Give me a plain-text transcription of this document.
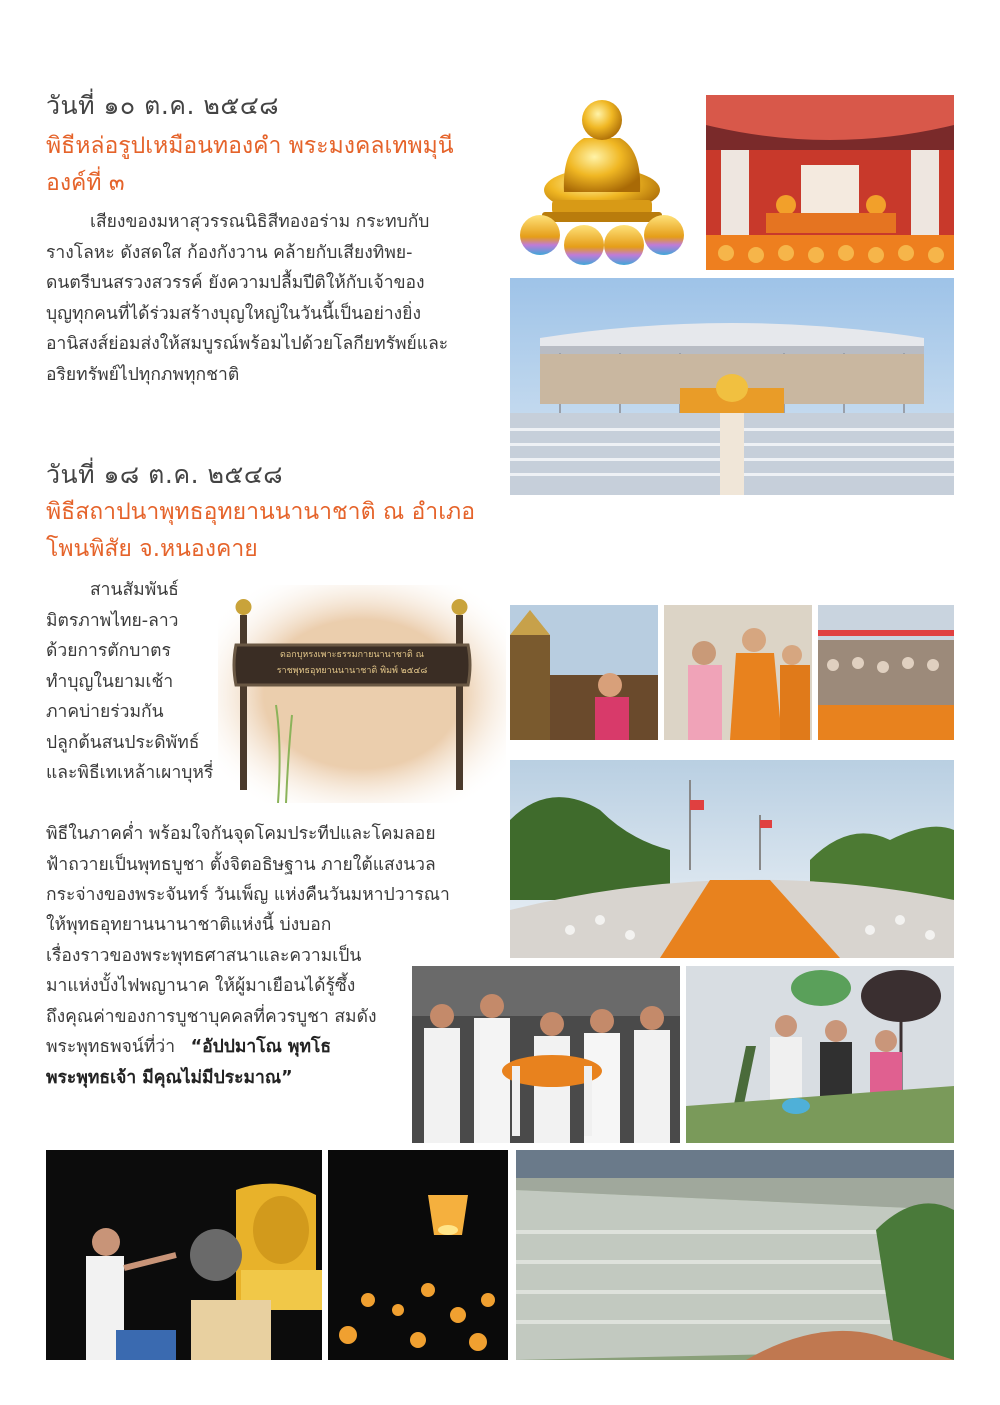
วันที่ ๑๐ ต.ค. ๒๕๔๘
พิธีหล่อรูปเหมือนทองคำ พระมงคลเทพมุนี
องค์ที่ ๓

เสียงของมหาสุวรรณนิธิสีทองอร่าม กระทบกับ

รางโลหะ ดังสดใส ก้องกังวาน คล้ายกับเสียงทิพย-

ดนตรีบนสรวงสวรรค์ ยังความปลื้มปีติให้กับเจ้าของ

บุญทุกคนที่ได้ร่วมสร้างบุญใหญ่ในวันนี้เป็นอย่างยิ่ง

อานิสงส์ย่อมส่งให้สมบูรณ์พร้อมไปด้วยโลกียทรัพย์และ

อริยทรัพย์ไปทุกภพทุกชาติ

วันที่ ๑๘ ต.ค. ๒๕๔๘
พิธีสถาปนาพุทธอุทยานนานาชาติ ณ อำเภอ
โพนพิสัย จ.หนองคาย

สานสัมพันธ์

มิตรภาพไทย-ลาว

ด้วยการตักบาตร

ทำบุญในยามเช้า

ภาคบ่ายร่วมกัน

ปลูกต้นสนประดิพัทธ์

และพิธีเทเหล้าเผาบุหรี่

พิธีในภาคค่ำ พร้อมใจกันจุดโคมประทีปและโคมลอย

ฟ้าถวายเป็นพุทธบูชา ตั้งจิตอธิษฐาน ภายใต้แสงนวล

กระจ่างของพระจันทร์ วันเพ็ญ แห่งคืนวันมหาปวารณา

ให้พุทธอุทยานนานาชาติแห่งนี้ บ่งบอก

เรื่องราวของพระพุทธศาสนาและความเป็น

มาแห่งบั้งไฟพญานาค ให้ผู้มาเยือนได้รู้ซึ้ง

ถึงคุณค่าของการบูชาบุคคลที่ควรบูชา สมดัง

พระพุทธพจน์ที่ว่า “อัปปมาโณ พุทโธ

พระพุทธเจ้า มีคุณไม่มีประมาณ”

ดอกบุหรงเพาะธรรมกายนานาชาติ ณ
ราชพุทธอุทยานนานาชาติ พิมพ์ ๒๕๔๘
